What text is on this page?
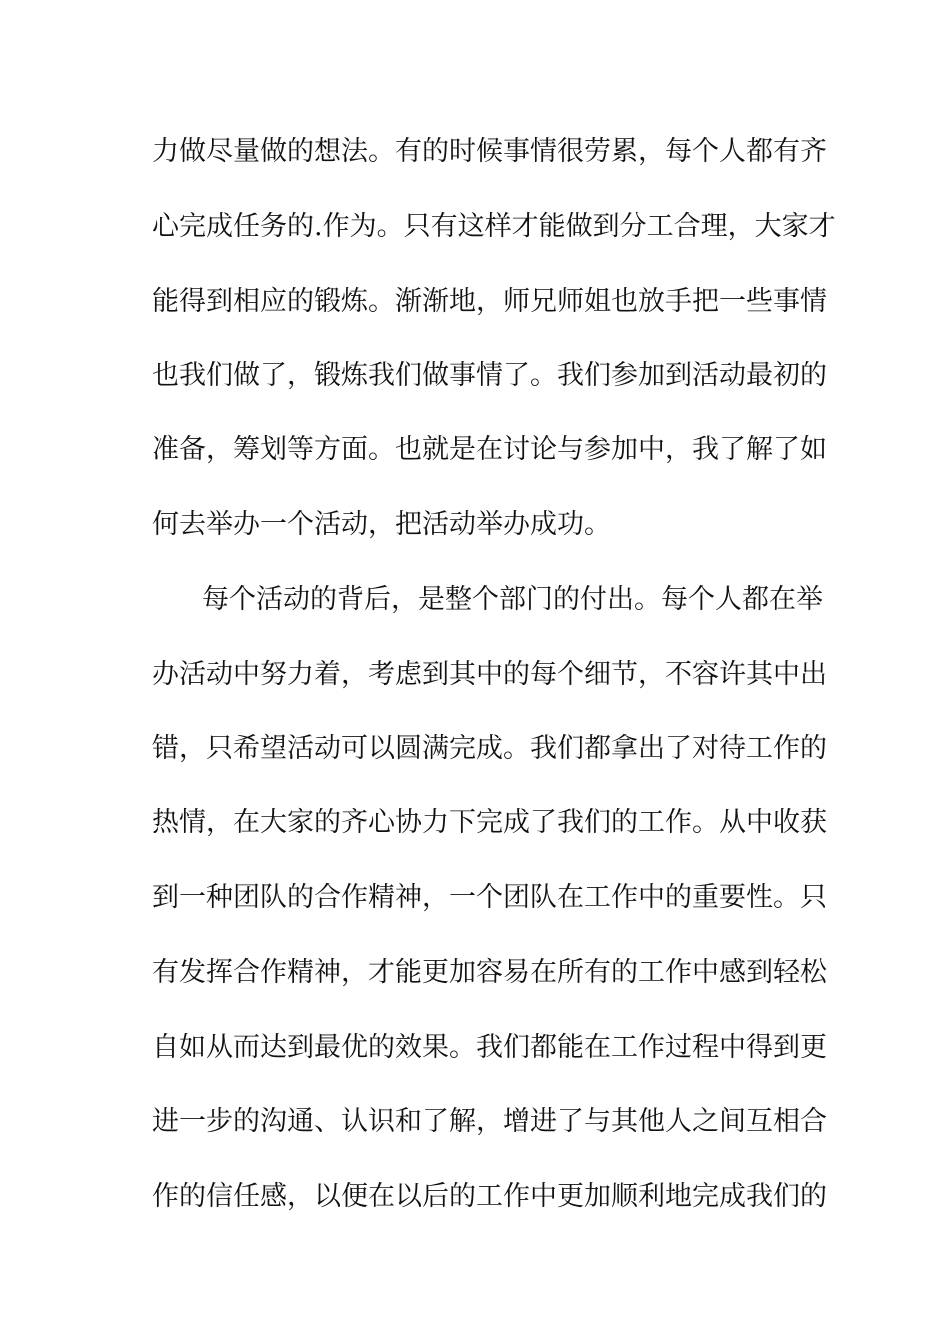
力做尽量做的想法。有的时候事情很劳累，每个人都有齐
心完成任务的.作为。只有这样才能做到分工合理，大家才
能得到相应的锻炼。渐渐地，师兄师姐也放手把一些事情
也我们做了，锻炼我们做事情了。我们参加到活动最初的
准备，筹划等方面。也就是在讨论与参加中，我了解了如
何去举办一个活动，把活动举办成功。
每个活动的背后，是整个部门的付出。每个人都在举
办活动中努力着，考虑到其中的每个细节，不容许其中出
错，只希望活动可以圆满完成。我们都拿出了对待工作的
热情，在大家的齐心协力下完成了我们的工作。从中收获
到一种团队的合作精神，一个团队在工作中的重要性。只
有发挥合作精神，才能更加容易在所有的工作中感到轻松
自如从而达到最优的效果。我们都能在工作过程中得到更
进一步的沟通、认识和了解，增进了与其他人之间互相合
作的信任感，以便在以后的工作中更加顺利地完成我们的
